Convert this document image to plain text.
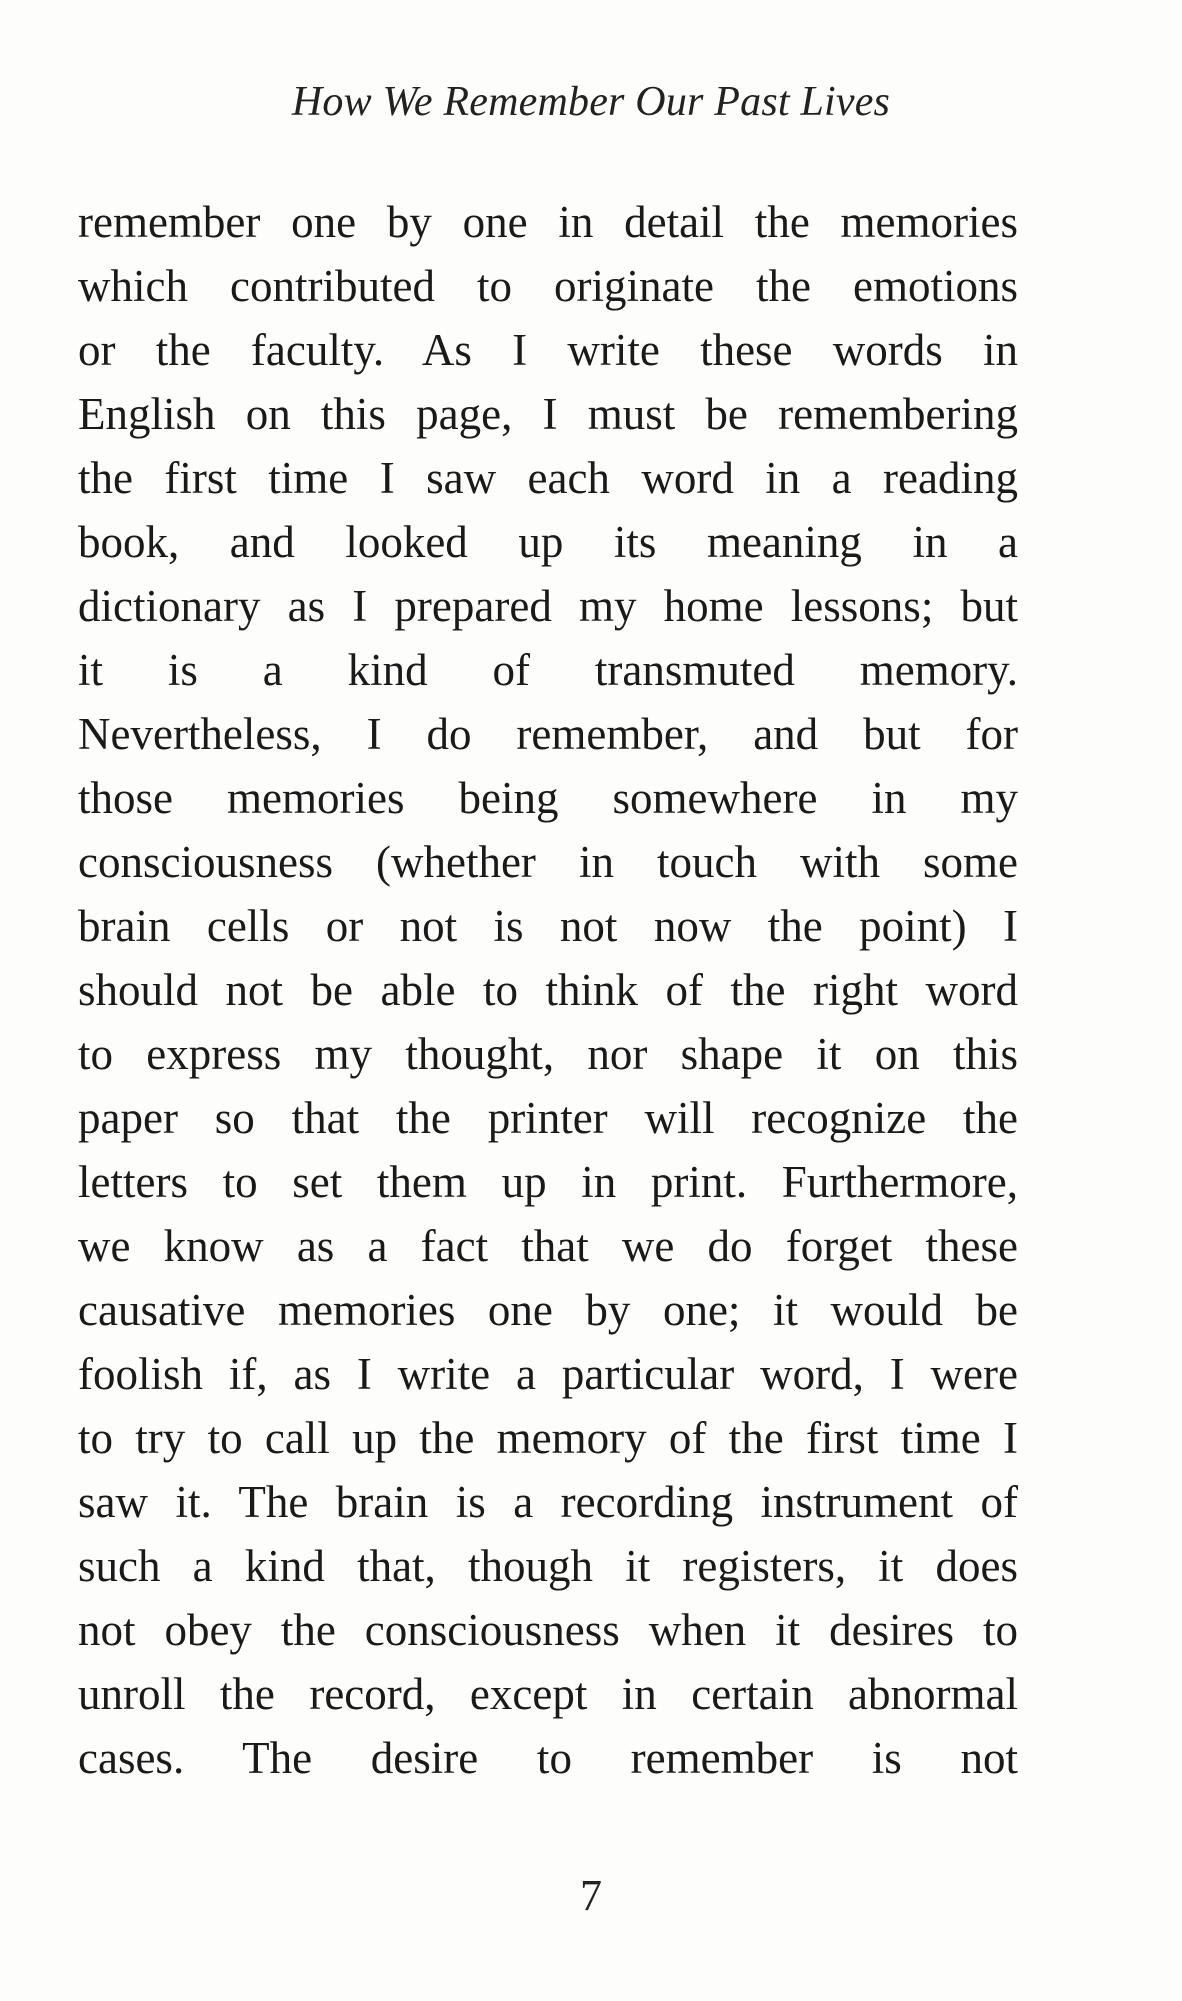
How We Remember Our Past Lives
remember one by one in detail the memories
which contributed to originate the emotions
or the faculty. As I write these words in
English on this page, I must be remembering
the first time I saw each word in a reading
book, and looked up its meaning in a
dictionary as I prepared my home lessons; but
it is a kind of transmuted memory.
Nevertheless, I do remember, and but for
those memories being somewhere in my
consciousness (whether in touch with some
brain cells or not is not now the point) I
should not be able to think of the right word
to express my thought, nor shape it on this
paper so that the printer will recognize the
letters to set them up in print. Furthermore,
we know as a fact that we do forget these
causative memories one by one; it would be
foolish if, as I write a particular word, I were
to try to call up the memory of the first time I
saw it. The brain is a recording instrument of
such a kind that, though it registers, it does
not obey the consciousness when it desires to
unroll the record, except in certain abnormal
cases. The desire to remember is not
7
